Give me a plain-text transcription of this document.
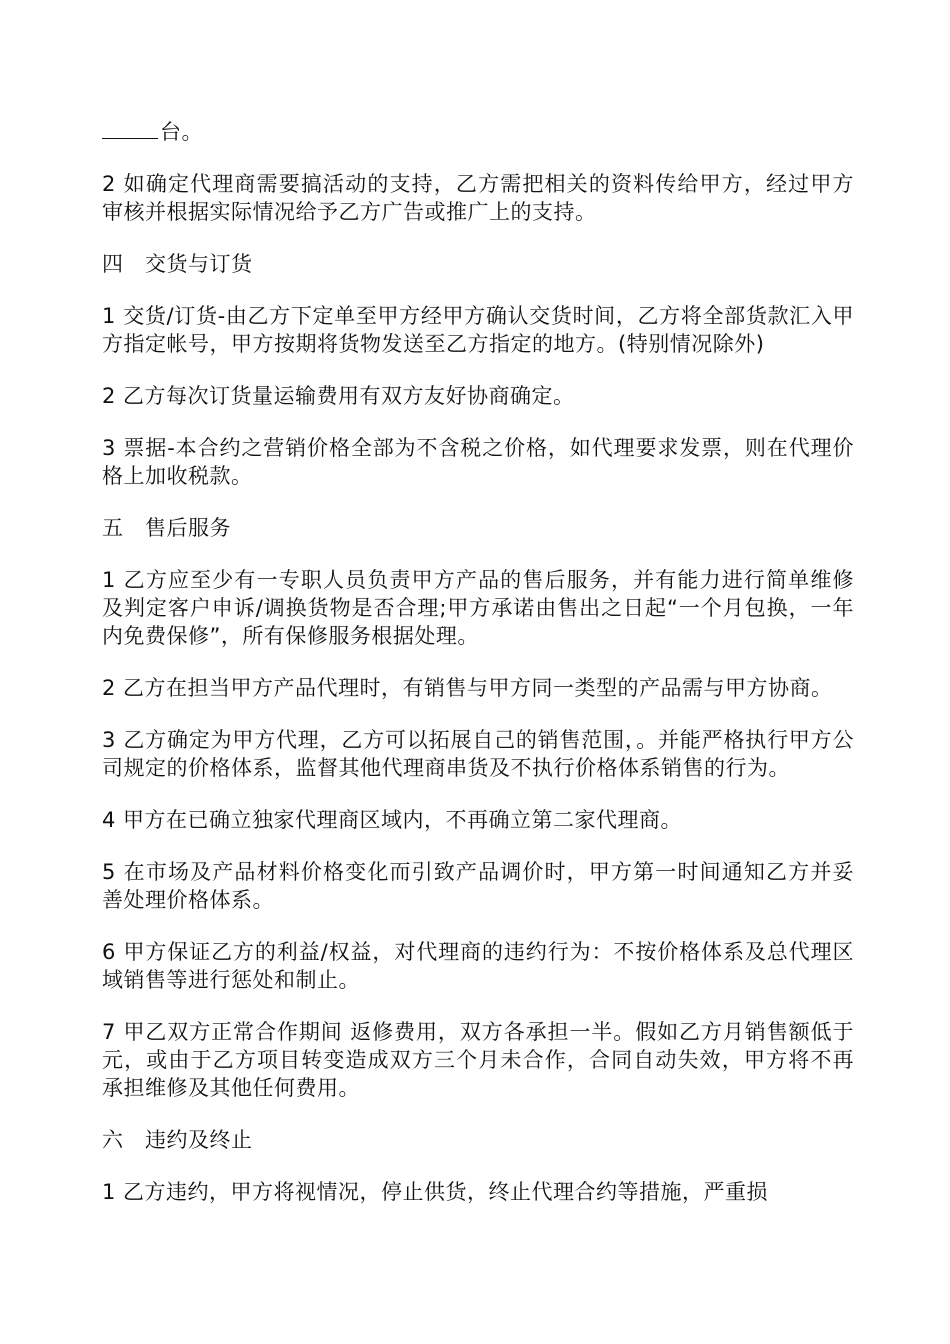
台。

2 如确定代理商需要搞活动的支持，乙方需把相关的资料传给甲方，经过甲方审核并根据实际情况给予乙方广告或推广上的支持。

四   交货与订货

1 交货/订货-由乙方下定单至甲方经甲方确认交货时间，乙方将全部货款汇入甲方指定帐号，甲方按期将货物发送至乙方指定的地方。(特别情况除外)

2 乙方每次订货量运输费用有双方友好协商确定。

3 票据-本合约之营销价格全部为不含税之价格，如代理要求发票，则在代理价格上加收税款。

五   售后服务

1 乙方应至少有一专职人员负责甲方产品的售后服务，并有能力进行简单维修及判定客户申诉/调换货物是否合理;甲方承诺由售出之日起“一个月包换，一年内免费保修”，所有保修服务根据处理。

2 乙方在担当甲方产品代理时，有销售与甲方同一类型的产品需与甲方协商。

3 乙方确定为甲方代理，乙方可以拓展自己的销售范围，。并能严格执行甲方公司规定的价格体系，监督其他代理商串货及不执行价格体系销售的行为。

4 甲方在已确立独家代理商区域内，不再确立第二家代理商。

5 在市场及产品材料价格变化而引致产品调价时，甲方第一时间通知乙方并妥善处理价格体系。

6 甲方保证乙方的利益/权益，对代理商的违约行为：不按价格体系及总代理区域销售等进行惩处和制止。

7 甲乙双方正常合作期间 返修费用，双方各承担一半。假如乙方月销售额低于元，或由于乙方项目转变造成双方三个月未合作，合同自动失效，甲方将不再承担维修及其他任何费用。

六   违约及终止

1 乙方违约，甲方将视情况，停止供货，终止代理合约等措施，严重损
